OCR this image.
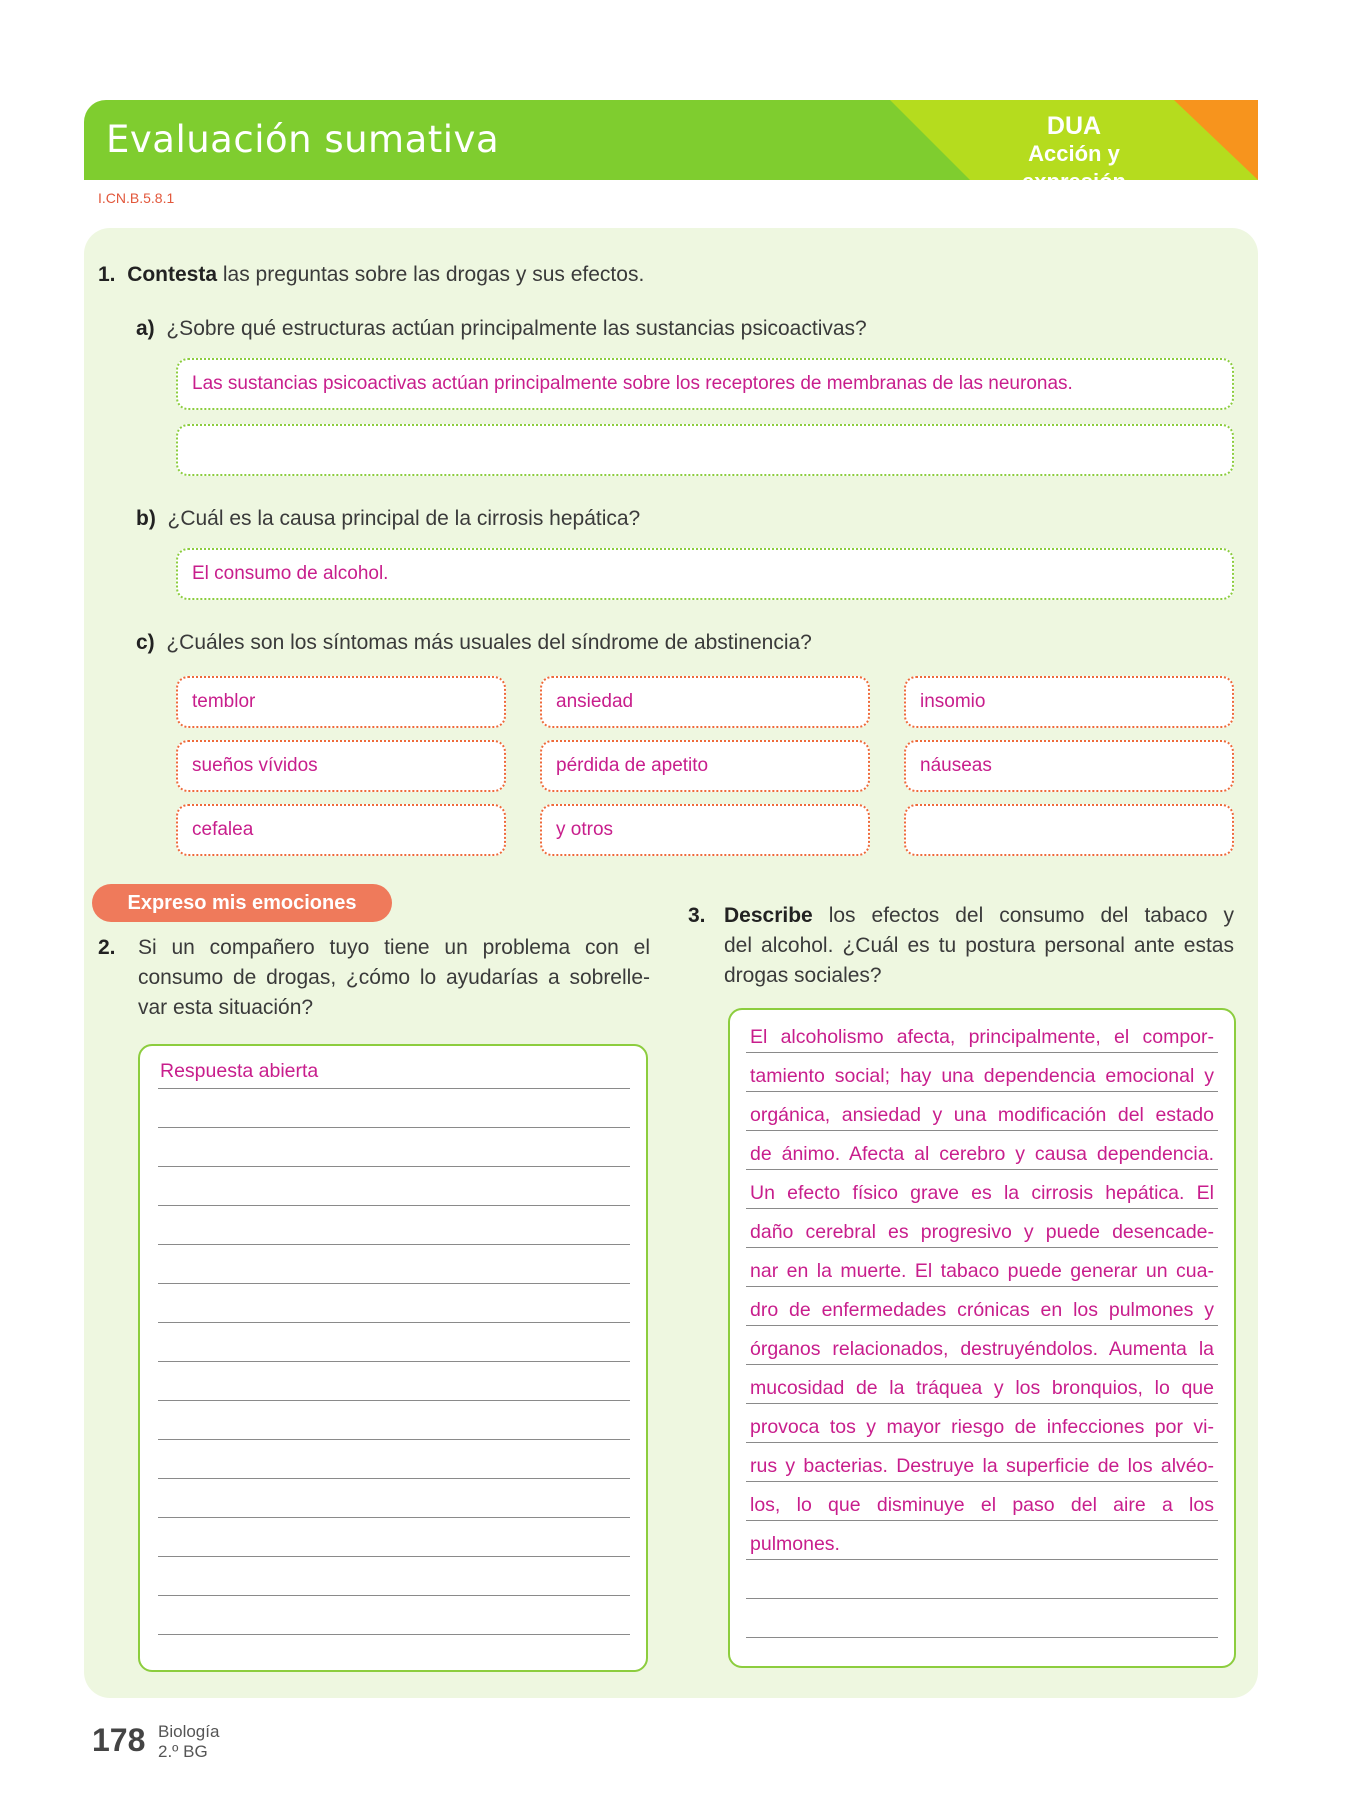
Evaluación sumativa	DUA
Acción y expresión
I.CN.B.5.8.1
1. Contesta las preguntas sobre las drogas y sus efectos.
a) ¿Sobre qué estructuras actúan principalmente las sustancias psicoactivas?
Las sustancias psicoactivas actúan principalmente sobre los receptores de membranas de las neuronas.
b) ¿Cuál es la causa principal de la cirrosis hepática?
El consumo de alcohol.
c) ¿Cuáles son los síntomas más usuales del síndrome de abstinencia?
temblor	ansiedad	insomio
sueños vívidos	pérdida de apetito	náuseas
cefalea	y otros
Expreso mis emociones
2.	Si un compañero tuyo tiene un problema con el
consumo de drogas, ¿cómo lo ayudarías a sobrelle-
var esta situación?
Respuesta abierta
3. Describe los efectos del consumo del tabaco y
del alcohol. ¿Cuál es tu postura personal ante estas
drogas sociales?
El alcoholismo afecta, principalmente, el compor-
tamiento social; hay una dependencia emocional y
orgánica, ansiedad y una modificación del estado
de ánimo. Afecta al cerebro y causa dependencia.
Un efecto físico grave es la cirrosis hepática. El
daño cerebral es progresivo y puede desencade-
nar en la muerte. El tabaco puede generar un cua-
dro de enfermedades crónicas en los pulmones y
órganos relacionados, destruyéndolos. Aumenta la
mucosidad de la tráquea y los bronquios, lo que
provoca tos y mayor riesgo de infecciones por vi-
rus y bacterias. Destruye la superficie de los alvéo-
los, lo que disminuye el paso del aire a los
pulmones.
178 Biología
2.º BG
